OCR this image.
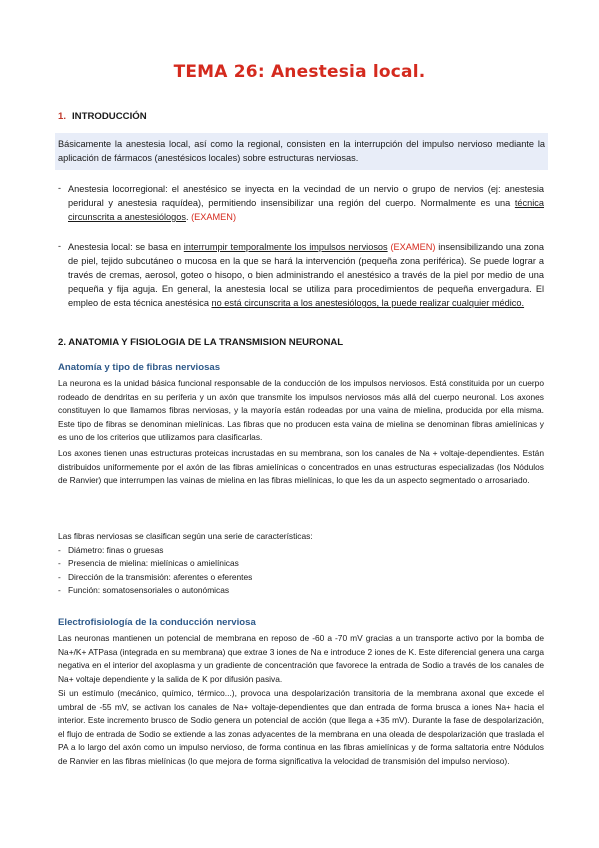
TEMA 26: Anestesia local.
1. INTRODUCCIÓN
Básicamente la anestesia local, así como la regional, consisten en la interrupción del impulso nervioso mediante la aplicación de fármacos (anestésicos locales) sobre estructuras nerviosas.
- Anestesia locorregional: el anestésico se inyecta en la vecindad de un nervio o grupo de nervios (ej: anestesia peridural y anestesia raquídea), permitiendo insensibilizar una región del cuerpo. Normalmente es una técnica circunscrita a anestesiólogos. (EXAMEN)
- Anestesia local: se basa en interrumpir temporalmente los impulsos nerviosos (EXAMEN) insensibilizando una zona de piel, tejido subcutáneo o mucosa en la que se hará la intervención (pequeña zona periférica). Se puede lograr a través de cremas, aerosol, goteo o hisopo, o bien administrando el anestésico a través de la piel por medio de una pequeña y fija aguja. En general, la anestesia local se utiliza para procedimientos de pequeña envergadura. El empleo de esta técnica anestésica no está circunscrita a los anestesiólogos, la puede realizar cualquier médico.
2. ANATOMIA Y FISIOLOGIA DE LA TRANSMISION NEURONAL
Anatomía y tipo de fibras nerviosas
La neurona es la unidad básica funcional responsable de la conducción de los impulsos nerviosos. Está constituida por un cuerpo rodeado de dendritas en su periferia y un axón que transmite los impulsos nerviosos más allá del cuerpo neuronal. Los axones constituyen lo que llamamos fibras nerviosas, y la mayoría están rodeadas por una vaina de mielina, producida por ella misma. Este tipo de fibras se denominan mielínicas. Las fibras que no producen esta vaina de mielina se denominan fibras amielínicas y es uno de los criterios que utilizamos para clasificarlas.
Los axones tienen unas estructuras proteicas incrustadas en su membrana, son los canales de Na + voltaje-dependientes. Están distribuidos uniformemente por el axón de las fibras amielínicas o concentrados en unas estructuras especializadas (los Nódulos de Ranvier) que interrumpen las vainas de mielina en las fibras mielínicas, lo que les da un aspecto segmentado o arrosariado.
Las fibras nerviosas se clasifican según una serie de características:
- Diámetro: finas o gruesas
- Presencia de mielina: mielínicas o amielínicas
- Dirección de la transmisión: aferentes o eferentes
- Función: somatosensoriales o autonómicas
Electrofisiología de la conducción nerviosa
Las neuronas mantienen un potencial de membrana en reposo de -60 a -70 mV gracias a un transporte activo por la bomba de Na+/K+ ATPasa (integrada en su membrana) que extrae 3 iones de Na e introduce 2 iones de K. Este diferencial genera una carga negativa en el interior del axoplasma y un gradiente de concentración que favorece la entrada de Sodio a través de los canales de Na+ voltaje dependiente y la salida de K por difusión pasiva.
Si un estímulo (mecánico, químico, térmico...), provoca una despolarización transitoria de la membrana axonal que excede el umbral de -55 mV, se activan los canales de Na+ voltaje-dependientes que dan entrada de forma brusca a iones Na+ hacia el interior. Este incremento brusco de Sodio genera un potencial de acción (que llega a +35 mV). Durante la fase de despolarización, el flujo de entrada de Sodio se extiende a las zonas adyacentes de la membrana en una oleada de despolarización que traslada el PA a lo largo del axón como un impulso nervioso, de forma continua en las fibras amielínicas y de forma saltatoria entre Nódulos de Ranvier en las fibras mielínicas (lo que mejora de forma significativa la velocidad de transmisión del impulso nervioso).
